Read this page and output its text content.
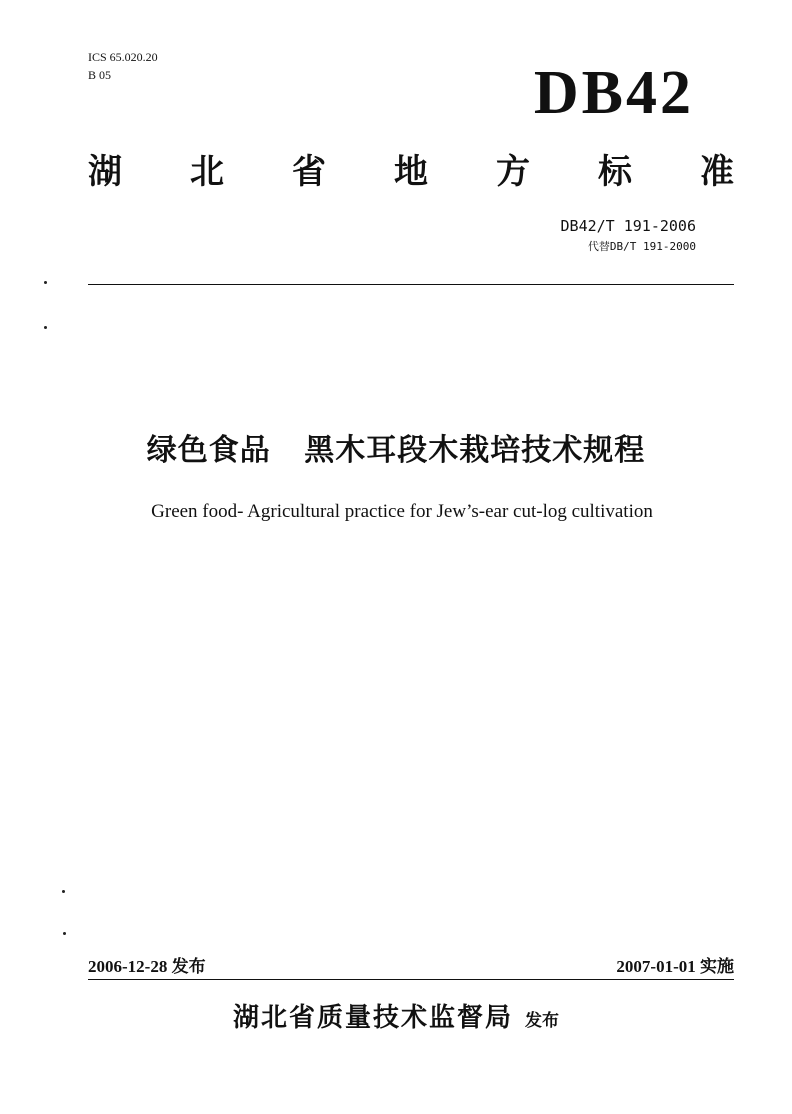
ICS 65.020.20
B 05	DB42
湖 北 省 地 方 标 准
DB42/T 191-2006
代替DB/T 191-2000
绿色食品 黑木耳段木栽培技术规程
Green food- Agricultural practice for Jew’s-ear cut-log cultivation
2006-12-28 发布	2007-01-01 实施
湖北省质量技术监督局 发布
